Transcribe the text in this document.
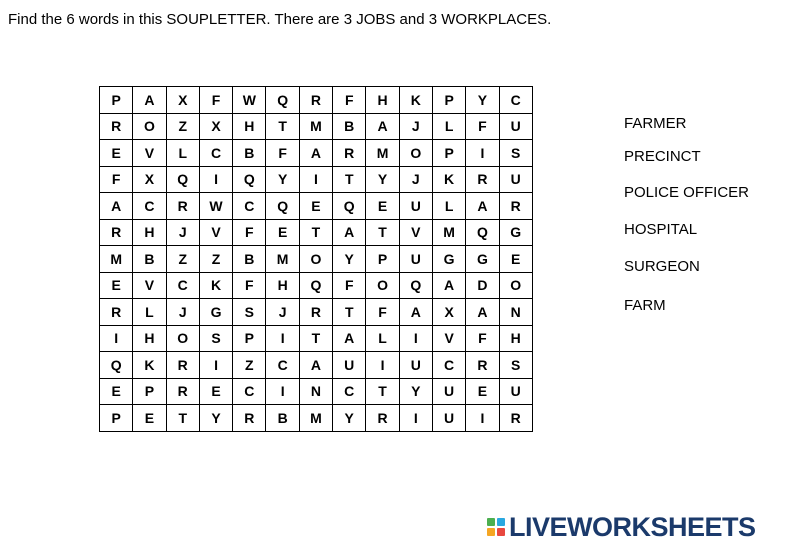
Find the 6 words in this SOUPLETTER. There are 3 JOBS and 3 WORKPLACES.
P	A	X	F	W	Q	R	F	H	K	P	Y	C
R	O	Z	X	H	T	M	B	A	J	L	F	U
E	V	L	C	B	F	A	R	M	O	P	I	S
F	X	Q	I	Q	Y	I	T	Y	J	K	R	U
A	C	R	W	C	Q	E	Q	E	U	L	A	R
R	H	J	V	F	E	T	A	T	V	M	Q	G
M	B	Z	Z	B	M	O	Y	P	U	G	G	E
E	V	C	K	F	H	Q	F	O	Q	A	D	O
R	L	J	G	S	J	R	T	F	A	X	A	N
I	H	O	S	P	I	T	A	L	I	V	F	H
Q	K	R	I	Z	C	A	U	I	U	C	R	S
E	P	R	E	C	I	N	C	T	Y	U	E	U
P	E	T	Y	R	B	M	Y	R	I	U	I	R
FARMER
PRECINCT
POLICE OFFICER
HOSPITAL
SURGEON
FARM
LIVEWORKSHEETS
